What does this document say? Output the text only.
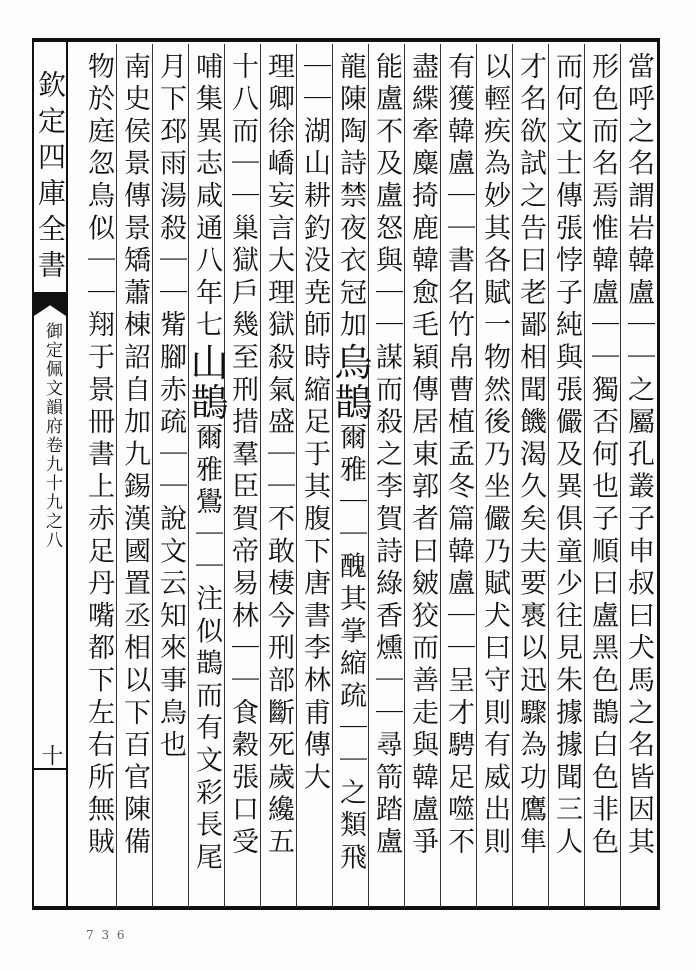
欽定四庫全書
御定佩文韻府卷九十九之八
十	當呼之名謂岩韓盧｜｜之屬孔叢子申叔曰犬馬之名皆因其
形色而名焉惟韓盧｜｜獨否何也子順曰盧黑色鵲白色非色
而何文士傳張悖子純與張儼及異俱童少往見朱據據聞三人
才名欲試之告曰老鄙相聞饑渴久矣夫要褭以迅驟為功鷹隼
以輕疾為妙其各賦一物然後乃坐儼乃賦犬曰守則有威出則
有獲韓盧｜｜書名竹帛曹植孟冬篇韓盧｜｜呈才騁足噬不
盡緤牽麋掎鹿韓愈毛穎傳居東郭者曰皴狡而善走與韓盧爭
能盧不及盧怒與｜｜謀而殺之李賀詩綠香燻｜｜尋箭踏盧
龍陳陶詩禁夜衣冠加烏鵲爾雅｜｜醜其掌縮疏｜｜之類飛
｜｜湖山耕釣没尭師時縮足于其腹下唐書李林甫傳大
理卿徐嶠妄言大理獄殺氣盛｜｜不敢棲今刑部斷死歲纔五
十八而｜｜巢獄戶幾至刑措羣臣賀帝易林｜｜食穀張口受
哺集異志咸通八年七山鵲爾雅鷽｜｜注似鵲而有文彩長尾
月下邳雨湯殺｜｜觜腳赤疏｜｜說文云知來事鳥也
南史侯景傳景矯蕭棟詔自加九錫漢國置丞相以下百官陳備
物於庭忽鳥似｜｜翔于景冊書上赤足丹嘴都下左右所無賊
7 3 6
